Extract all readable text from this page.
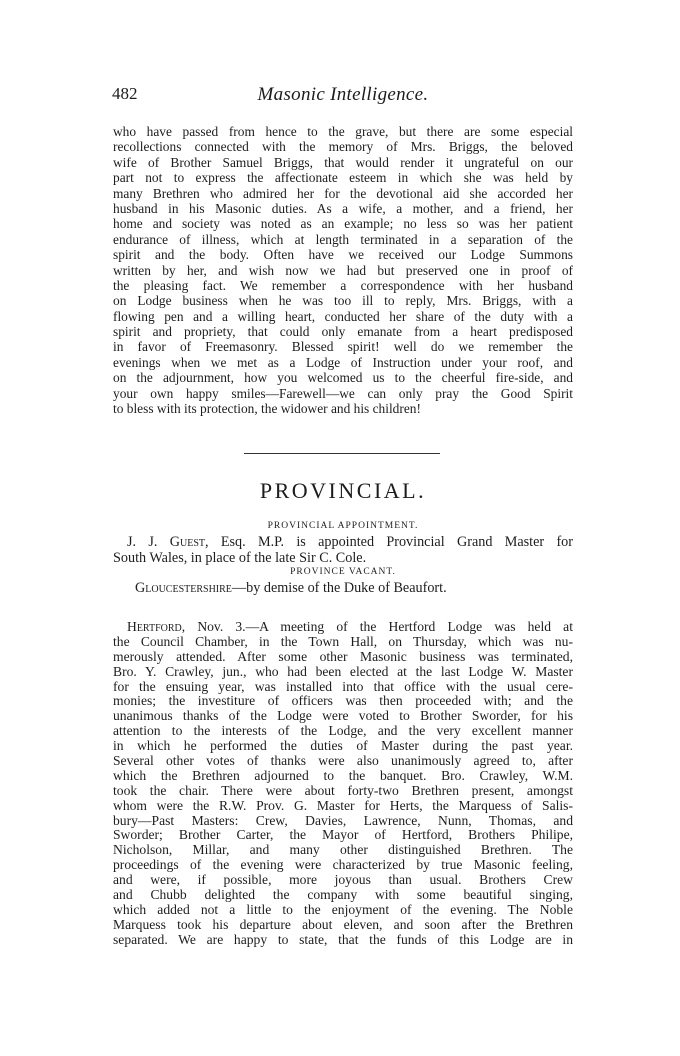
482	Masonic Intelligence.
who have passed from hence to the grave, but there are some especial
recollections connected with the memory of Mrs. Briggs, the beloved
wife of Brother Samuel Briggs, that would render it ungrateful on our
part not to express the affectionate esteem in which she was held by
many Brethren who admired her for the devotional aid she accorded her
husband in his Masonic duties. As a wife, a mother, and a friend, her
home and society was noted as an example; no less so was her patient
endurance of illness, which at length terminated in a separation of the
spirit and the body. Often have we received our Lodge Summons
written by her, and wish now we had but preserved one in proof of
the pleasing fact. We remember a correspondence with her husband
on Lodge business when he was too ill to reply, Mrs. Briggs, with a
flowing pen and a willing heart, conducted her share of the duty with a
spirit and propriety, that could only emanate from a heart predisposed
in favor of Freemasonry. Blessed spirit! well do we remember the
evenings when we met as a Lodge of Instruction under your roof, and
on the adjournment, how you welcomed us to the cheerful fire-side, and
your own happy smiles—Farewell—we can only pray the Good Spirit
to bless with its protection, the widower and his children!
PROVINCIAL.
PROVINCIAL APPOINTMENT.
J. J. Guest, Esq. M.P. is appointed Provincial Grand Master for
South Wales, in place of the late Sir C. Cole.
PROVINCE VACANT.
Gloucestershire—by demise of the Duke of Beaufort.
Hertford, Nov. 3.—A meeting of the Hertford Lodge was held at
the Council Chamber, in the Town Hall, on Thursday, which was nu-
merously attended. After some other Masonic business was terminated,
Bro. Y. Crawley, jun., who had been elected at the last Lodge W. Master
for the ensuing year, was installed into that office with the usual cere-
monies; the investiture of officers was then proceeded with; and the
unanimous thanks of the Lodge were voted to Brother Sworder, for his
attention to the interests of the Lodge, and the very excellent manner
in which he performed the duties of Master during the past year.
Several other votes of thanks were also unanimously agreed to, after
which the Brethren adjourned to the banquet. Bro. Crawley, W.M.
took the chair. There were about forty-two Brethren present, amongst
whom were the R.W. Prov. G. Master for Herts, the Marquess of Salis-
bury—Past Masters: Crew, Davies, Lawrence, Nunn, Thomas, and
Sworder; Brother Carter, the Mayor of Hertford, Brothers Philipe,
Nicholson, Millar, and many other distinguished Brethren. The
proceedings of the evening were characterized by true Masonic feeling,
and were, if possible, more joyous than usual. Brothers Crew
and Chubb delighted the company with some beautiful singing,
which added not a little to the enjoyment of the evening. The Noble
Marquess took his departure about eleven, and soon after the Brethren
separated. We are happy to state, that the funds of this Lodge are in
